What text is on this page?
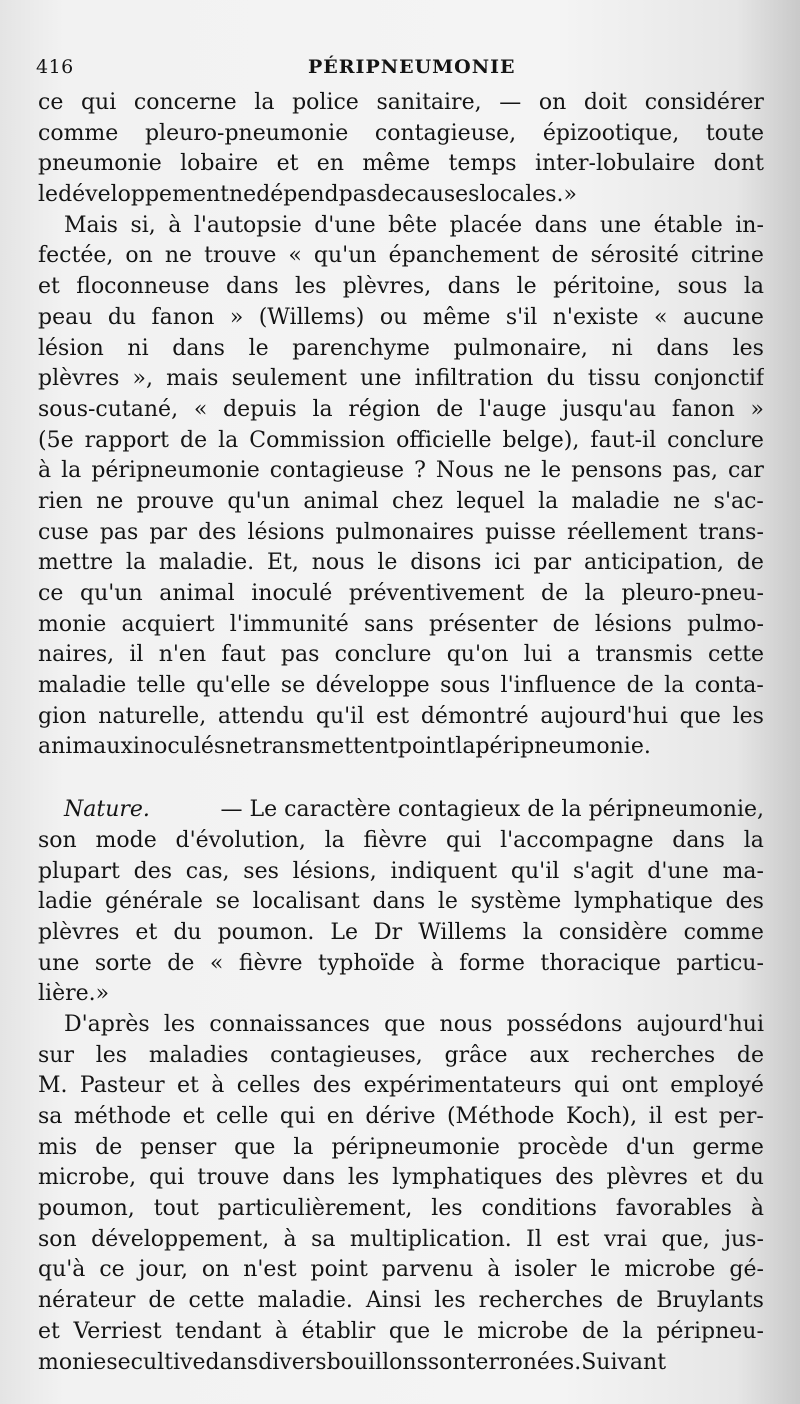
416	PÉRIPNEUMONIE
ce qui concerne la police sanitaire, — on doit considérer
comme pleuro-pneumonie contagieuse, épizootique, toute
pneumonie lobaire et en même temps inter-lobulaire dont
le développement ne dépend pas de causes locales. »
Mais si, à l'autopsie d'une bête placée dans une étable in-
fectée, on ne trouve « qu'un épanchement de sérosité citrine
et floconneuse dans les plèvres, dans le péritoine, sous la
peau du fanon » (Willems) ou même s'il n'existe « aucune
lésion ni dans le parenchyme pulmonaire, ni dans les
plèvres », mais seulement une infiltration du tissu conjonctif
sous-cutané, « depuis la région de l'auge jusqu'au fanon »
(5e rapport de la Commission officielle belge), faut-il conclure
à la péripneumonie contagieuse ? Nous ne le pensons pas, car
rien ne prouve qu'un animal chez lequel la maladie ne s'ac-
cuse pas par des lésions pulmonaires puisse réellement trans-
mettre la maladie. Et, nous le disons ici par anticipation, de
ce qu'un animal inoculé préventivement de la pleuro-pneu-
monie acquiert l'immunité sans présenter de lésions pulmo-
naires, il n'en faut pas conclure qu'on lui a transmis cette
maladie telle qu'elle se développe sous l'influence de la conta-
gion naturelle, attendu qu'il est démontré aujourd'hui que les
animaux inoculés ne transmettent point la péripneumonie.
Nature.	— Le caractère contagieux de la péripneumonie,
son mode d'évolution, la fièvre qui l'accompagne dans la
plupart des cas, ses lésions, indiquent qu'il s'agit d'une ma-
ladie générale se localisant dans le système lymphatique des
plèvres et du poumon. Le Dr Willems la considère comme
une sorte de « fièvre typhoïde à forme thoracique particu-
lière. »
D'après les connaissances que nous possédons aujourd'hui
sur les maladies contagieuses, grâce aux recherches de
M. Pasteur et à celles des expérimentateurs qui ont employé
sa méthode et celle qui en dérive (Méthode Koch), il est per-
mis de penser que la péripneumonie procède d'un germe
microbe, qui trouve dans les lymphatiques des plèvres et du
poumon, tout particulièrement, les conditions favorables à
son développement, à sa multiplication. Il est vrai que, jus-
qu'à ce jour, on n'est point parvenu à isoler le microbe gé-
nérateur de cette maladie. Ainsi les recherches de Bruylants
et Verriest tendant à établir que le microbe de la péripneu-
monie se cultive dans divers bouillons sont erronées. Suivant
